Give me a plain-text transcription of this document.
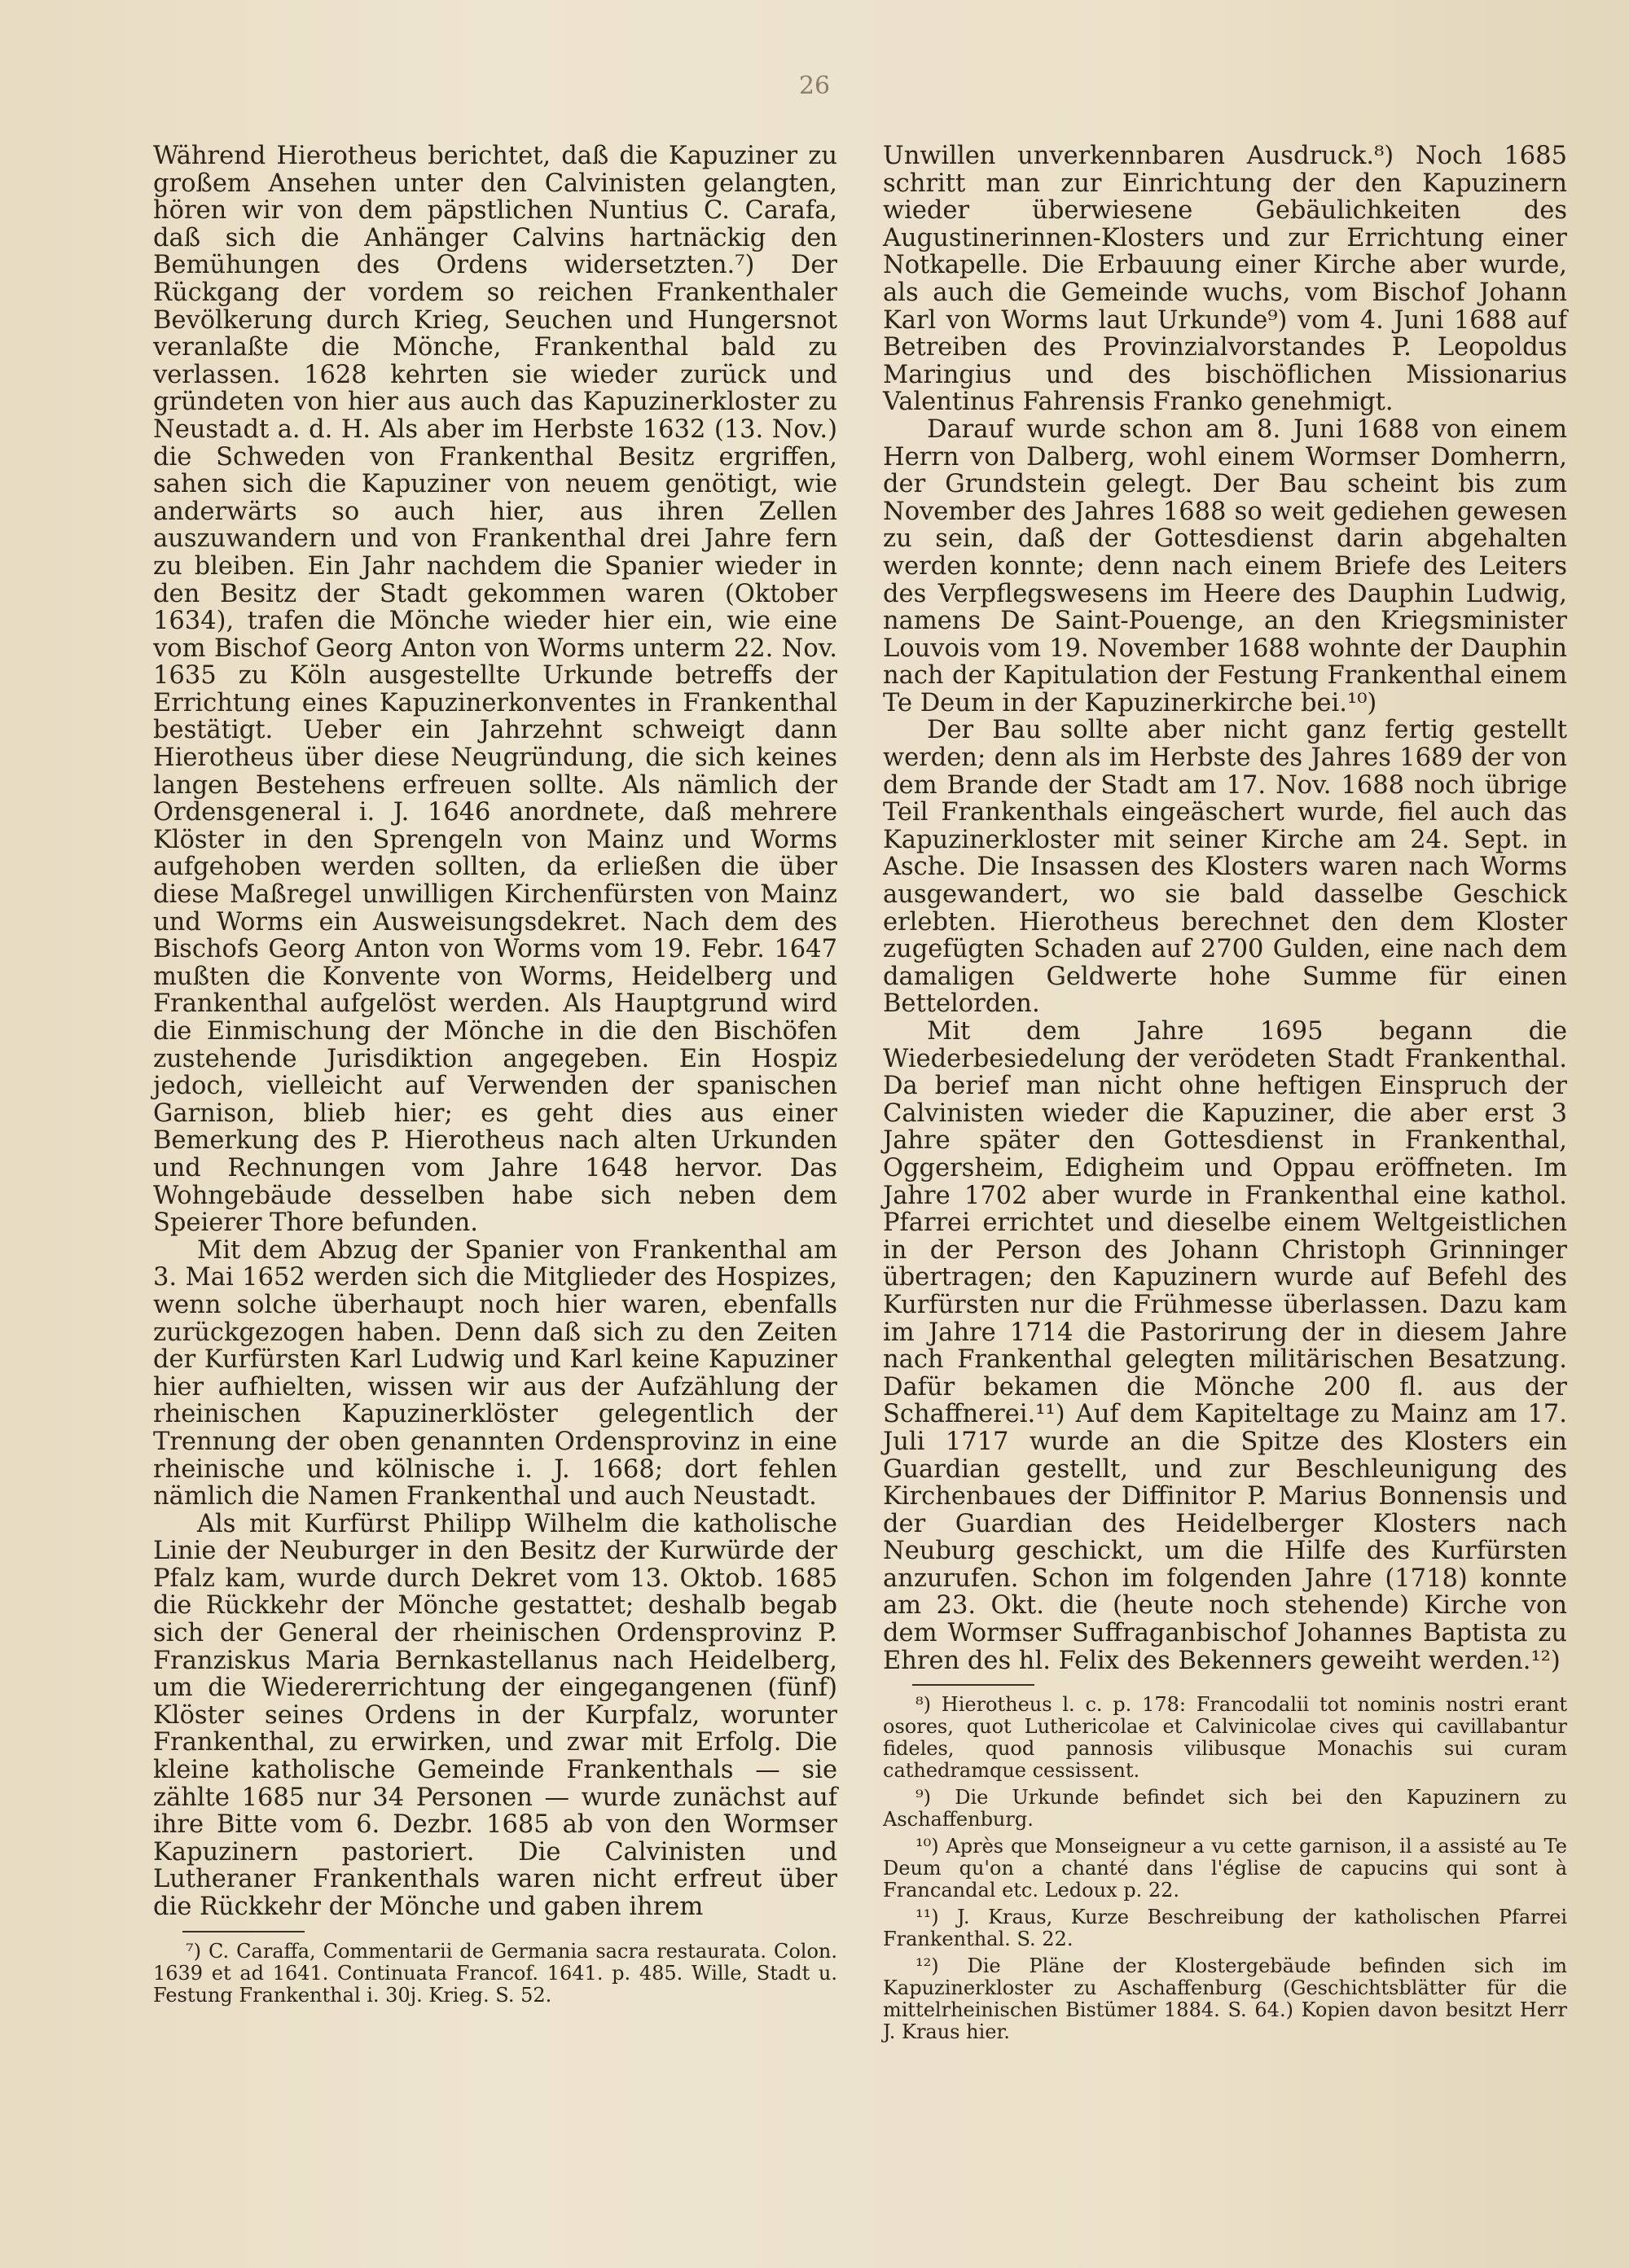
26

Während Hierotheus berichtet, daß die Kapuziner zu großem Ansehen unter den Calvinisten gelangten, hören wir von dem päpstlichen Nuntius C. Carafa, daß sich die Anhänger Calvins hartnäckig den Bemühungen des Ordens widersetzten.⁷) Der Rückgang der vordem so reichen Frankenthaler Bevölkerung durch Krieg, Seuchen und Hungersnot veranlaßte die Mönche, Frankenthal bald zu verlassen. 1628 kehrten sie wieder zurück und gründeten von hier aus auch das Kapuzinerkloster zu Neustadt a. d. H. Als aber im Herbste 1632 (13. Nov.) die Schweden von Frankenthal Besitz ergriffen, sahen sich die Kapuziner von neuem genötigt, wie anderwärts so auch hier, aus ihren Zellen auszuwandern und von Frankenthal drei Jahre fern zu bleiben. Ein Jahr nachdem die Spanier wieder in den Besitz der Stadt gekommen waren (Oktober 1634), trafen die Mönche wieder hier ein, wie eine vom Bischof Georg Anton von Worms unterm 22. Nov. 1635 zu Köln ausgestellte Urkunde betreffs der Errichtung eines Kapuzinerkonventes in Frankenthal bestätigt. Ueber ein Jahrzehnt schweigt dann Hierotheus über diese Neugründung, die sich keines langen Bestehens erfreuen sollte. Als nämlich der Ordensgeneral i. J. 1646 anordnete, daß mehrere Klöster in den Sprengeln von Mainz und Worms aufgehoben werden sollten, da erließen die über diese Maßregel unwilligen Kirchenfürsten von Mainz und Worms ein Ausweisungsdekret. Nach dem des Bischofs Georg Anton von Worms vom 19. Febr. 1647 mußten die Konvente von Worms, Heidelberg und Frankenthal aufgelöst werden. Als Hauptgrund wird die Einmischung der Mönche in die den Bischöfen zustehende Jurisdiktion angegeben. Ein Hospiz jedoch, vielleicht auf Verwenden der spanischen Garnison, blieb hier; es geht dies aus einer Bemerkung des P. Hierotheus nach alten Urkunden und Rechnungen vom Jahre 1648 hervor. Das Wohngebäude desselben habe sich neben dem Speierer Thore befunden.

Mit dem Abzug der Spanier von Frankenthal am 3. Mai 1652 werden sich die Mitglieder des Hospizes, wenn solche überhaupt noch hier waren, ebenfalls zurückgezogen haben. Denn daß sich zu den Zeiten der Kurfürsten Karl Ludwig und Karl keine Kapuziner hier aufhielten, wissen wir aus der Aufzählung der rheinischen Kapuzinerklöster gelegentlich der Trennung der oben genannten Ordensprovinz in eine rheinische und kölnische i. J. 1668; dort fehlen nämlich die Namen Frankenthal und auch Neustadt.

Als mit Kurfürst Philipp Wilhelm die katholische Linie der Neuburger in den Besitz der Kurwürde der Pfalz kam, wurde durch Dekret vom 13. Oktob. 1685 die Rückkehr der Mönche gestattet; deshalb begab sich der General der rheinischen Ordensprovinz P. Franziskus Maria Bernkastellanus nach Heidelberg, um die Wiedererrichtung der eingegangenen (fünf) Klöster seines Ordens in der Kurpfalz, worunter Frankenthal, zu erwirken, und zwar mit Erfolg. Die kleine katholische Gemeinde Frankenthals — sie zählte 1685 nur 34 Personen — wurde zunächst auf ihre Bitte vom 6. Dezbr. 1685 ab von den Wormser Kapuzinern pastoriert. Die Calvinisten und Lutheraner Frankenthals waren nicht erfreut über die Rückkehr der Mönche und gaben ihrem

⁷) C. Caraffa, Commentarii de Germania sacra restaurata. Colon. 1639 et ad 1641. Continuata Francof. 1641. p. 485. Wille, Stadt u. Festung Frankenthal i. 30j. Krieg. S. 52.

Unwillen unverkennbaren Ausdruck.⁸) Noch 1685 schritt man zur Einrichtung der den Kapuzinern wieder überwiesene Gebäulichkeiten des Augustinerinnen-Klosters und zur Errichtung einer Notkapelle. Die Erbauung einer Kirche aber wurde, als auch die Gemeinde wuchs, vom Bischof Johann Karl von Worms laut Urkunde⁹) vom 4. Juni 1688 auf Betreiben des Provinzialvorstandes P. Leopoldus Maringius und des bischöflichen Missionarius Valentinus Fahrensis Franko genehmigt.

Darauf wurde schon am 8. Juni 1688 von einem Herrn von Dalberg, wohl einem Wormser Domherrn, der Grundstein gelegt. Der Bau scheint bis zum November des Jahres 1688 so weit gediehen gewesen zu sein, daß der Gottesdienst darin abgehalten werden konnte; denn nach einem Briefe des Leiters des Verpflegswesens im Heere des Dauphin Ludwig, namens De Saint-Pouenge, an den Kriegsminister Louvois vom 19. November 1688 wohnte der Dauphin nach der Kapitulation der Festung Frankenthal einem Te Deum in der Kapuzinerkirche bei.¹⁰)

Der Bau sollte aber nicht ganz fertig gestellt werden; denn als im Herbste des Jahres 1689 der von dem Brande der Stadt am 17. Nov. 1688 noch übrige Teil Frankenthals eingeäschert wurde, fiel auch das Kapuzinerkloster mit seiner Kirche am 24. Sept. in Asche. Die Insassen des Klosters waren nach Worms ausgewandert, wo sie bald dasselbe Geschick erlebten. Hierotheus berechnet den dem Kloster zugefügten Schaden auf 2700 Gulden, eine nach dem damaligen Geldwerte hohe Summe für einen Bettelorden.

Mit dem Jahre 1695 begann die Wiederbesiedelung der verödeten Stadt Frankenthal. Da berief man nicht ohne heftigen Einspruch der Calvinisten wieder die Kapuziner, die aber erst 3 Jahre später den Gottesdienst in Frankenthal, Oggersheim, Edigheim und Oppau eröffneten. Im Jahre 1702 aber wurde in Frankenthal eine kathol. Pfarrei errichtet und dieselbe einem Weltgeistlichen in der Person des Johann Christoph Grinninger übertragen; den Kapuzinern wurde auf Befehl des Kurfürsten nur die Frühmesse überlassen. Dazu kam im Jahre 1714 die Pastorirung der in diesem Jahre nach Frankenthal gelegten militärischen Besatzung. Dafür bekamen die Mönche 200 fl. aus der Schaffnerei.¹¹) Auf dem Kapiteltage zu Mainz am 17. Juli 1717 wurde an die Spitze des Klosters ein Guardian gestellt, und zur Beschleunigung des Kirchenbaues der Diffinitor P. Marius Bonnensis und der Guardian des Heidelberger Klosters nach Neuburg geschickt, um die Hilfe des Kurfürsten anzurufen. Schon im folgenden Jahre (1718) konnte am 23. Okt. die (heute noch stehende) Kirche von dem Wormser Suffraganbischof Johannes Baptista zu Ehren des hl. Felix des Bekenners geweiht werden.¹²)

⁸) Hierotheus l. c. p. 178: Francodalii tot nominis nostri erant osores, quot Luthericolae et Calvinicolae cives qui cavillabantur fideles, quod pannosis vilibusque Monachis sui curam cathedramque cessissent.

⁹) Die Urkunde befindet sich bei den Kapuzinern zu Aschaffenburg.

¹⁰) Après que Monseigneur a vu cette garnison, il a assisté au Te Deum qu'on a chanté dans l'église de capucins qui sont à Francandal etc. Ledoux p. 22.

¹¹) J. Kraus, Kurze Beschreibung der katholischen Pfarrei Frankenthal. S. 22.

¹²) Die Pläne der Klostergebäude befinden sich im Kapuzinerkloster zu Aschaffenburg (Geschichtsblätter für die mittelrheinischen Bistümer 1884. S. 64.) Kopien davon besitzt Herr J. Kraus hier.
